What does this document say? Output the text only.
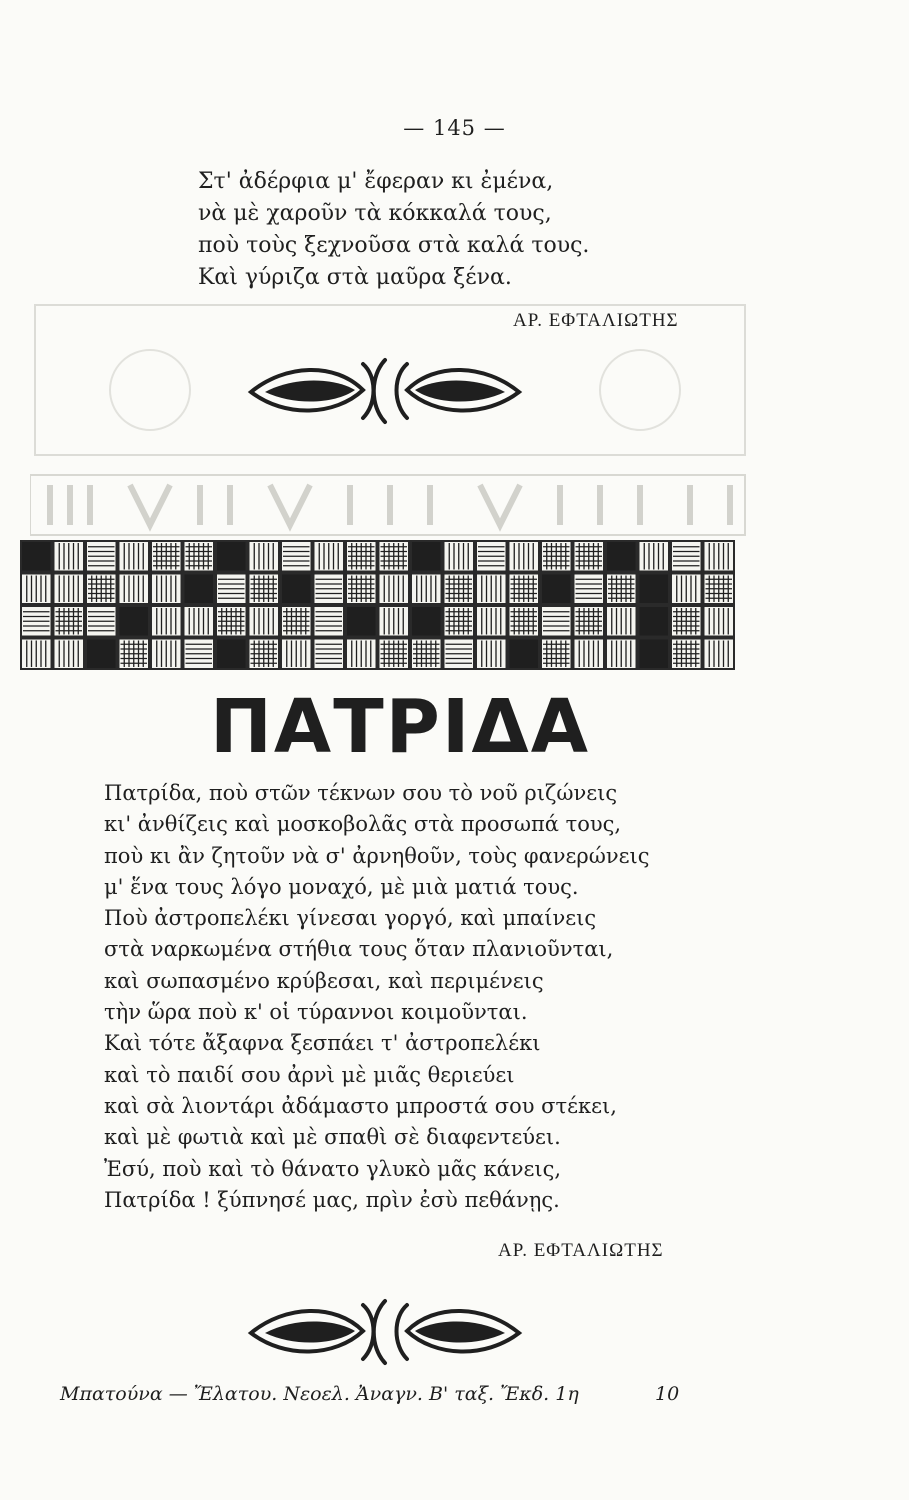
— 145 —
Στ' ἀδέρφια μ' ἔφεραν κι ἐμένα,
νὰ μὲ χαροῦν τὰ κόκκαλά τους,
ποὺ τοὺς ξεχνοῦσα στὰ καλά τους.
Καὶ γύριζα στὰ μαῦρα ξένα.
ΑΡ. ΕΦΤΑΛΙΩΤΗΣ
ΠΑΤΡΙΔΑ
Πατρίδα, ποὺ στῶν τέκνων σου τὸ νοῦ ριζώνεις
κι' ἀνθίζεις καὶ μοσκοβολᾶς στὰ προσωπά τους,
ποὺ κι ἂν ζητοῦν νὰ σ' ἀρνηθοῦν, τοὺς φανερώνεις
μ' ἕνα τους λόγο μοναχό, μὲ μιὰ ματιά τους.
Ποὺ ἀστροπελέκι γίνεσαι γοργό, καὶ μπαίνεις
στὰ ναρκωμένα στήθια τους ὅταν πλανιοῦνται,
καὶ σωπασμένο κρύβεσαι, καὶ περιμένεις
τὴν ὥρα ποὺ κ' οἱ τύραννοι κοιμοῦνται.
Καὶ τότε ἄξαφνα ξεσπάει τ' ἀστροπελέκι
καὶ τὸ παιδί σου ἀρνὶ μὲ μιᾶς θεριεύει
καὶ σὰ λιοντάρι ἀδάμαστο μπροστά σου στέκει,
καὶ μὲ φωτιὰ καὶ μὲ σπαθὶ σὲ διαφεντεύει.
Ἐσύ, ποὺ καὶ τὸ θάνατο γλυκὸ μᾶς κάνεις,
Πατρίδα ! ξύπνησέ μας, πρὶν ἐσὺ πεθάνῃς.
ΑΡ. ΕΦΤΑΛΙΩΤΗΣ
Μπατούνα — Ἔλατου. Νεοελ. Ἀναγν. Β' ταξ. Ἔκδ. 1η	10
